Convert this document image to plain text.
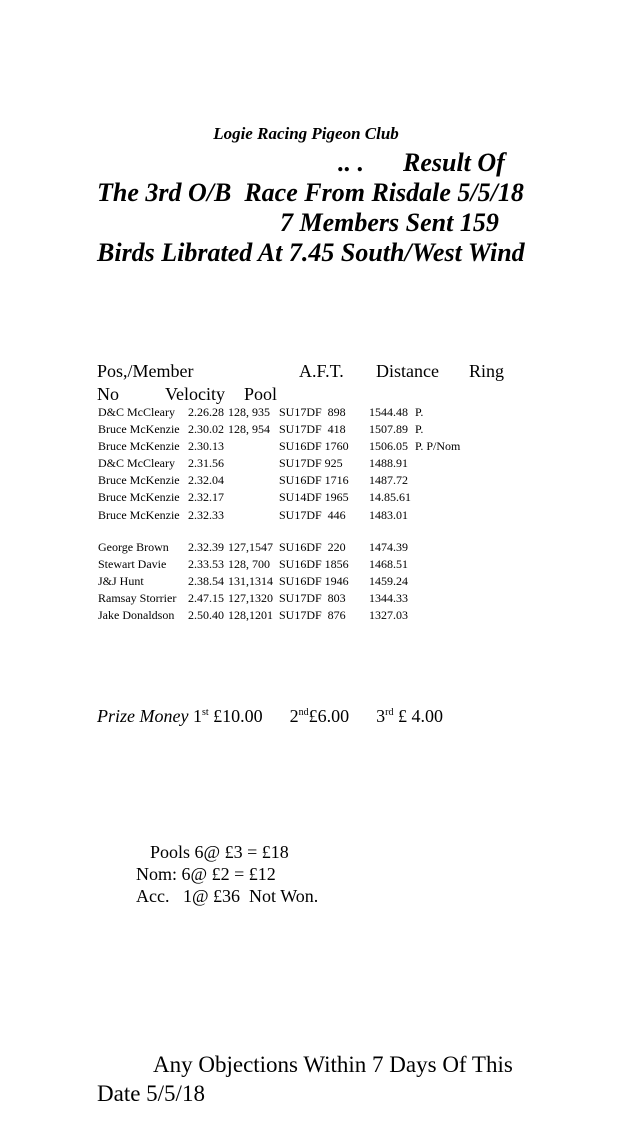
Logie Racing Pigeon Club
.. .      Result Of
The 3rd O/B  Race From Risdale 5/5/18
7 Members Sent 159
Birds Librated At 7.45 South/West Wind
Pos,/Member	A.F.T. Distance Ring
No	Velocity Pool
D&C McCleary 2.26.28 128, 935 SU17DF  898 1544.48 P.
Bruce McKenzie 2.30.02 128, 954 SU17DF  418 1507.89 P.
Bruce McKenzie 2.30.13	SU16DF 1760 1506.05 P. P/Nom
D&C McCleary 2.31.56	SU17DF 925 1488.91
Bruce McKenzie 2.32.04	SU16DF 1716 1487.72
Bruce McKenzie 2.32.17	SU14DF 1965 14.85.61
Bruce McKenzie 2.32.33	SU17DF  446 1483.01
George Brown 2.32.39 127,1547 SU16DF  220 1474.39
Stewart Davie 2.33.53 128, 700 SU16DF 1856 1468.51
J&J Hunt	2.38.54 131,1314 SU16DF 1946 1459.24
Ramsay Storrier 2.47.15 127,1320 SU17DF  803 1344.33
Jake Donaldson 2.50.40 128,1201 SU17DF  876 1327.03
Prize Money 1st £10.00 2nd£6.00 3rd £ 4.00
Pools 6@ £3 = £18
Nom: 6@ £2 = £12
Acc.   1@ £36  Not Won.
Any Objections Within 7 Days Of This
Date 5/5/18
